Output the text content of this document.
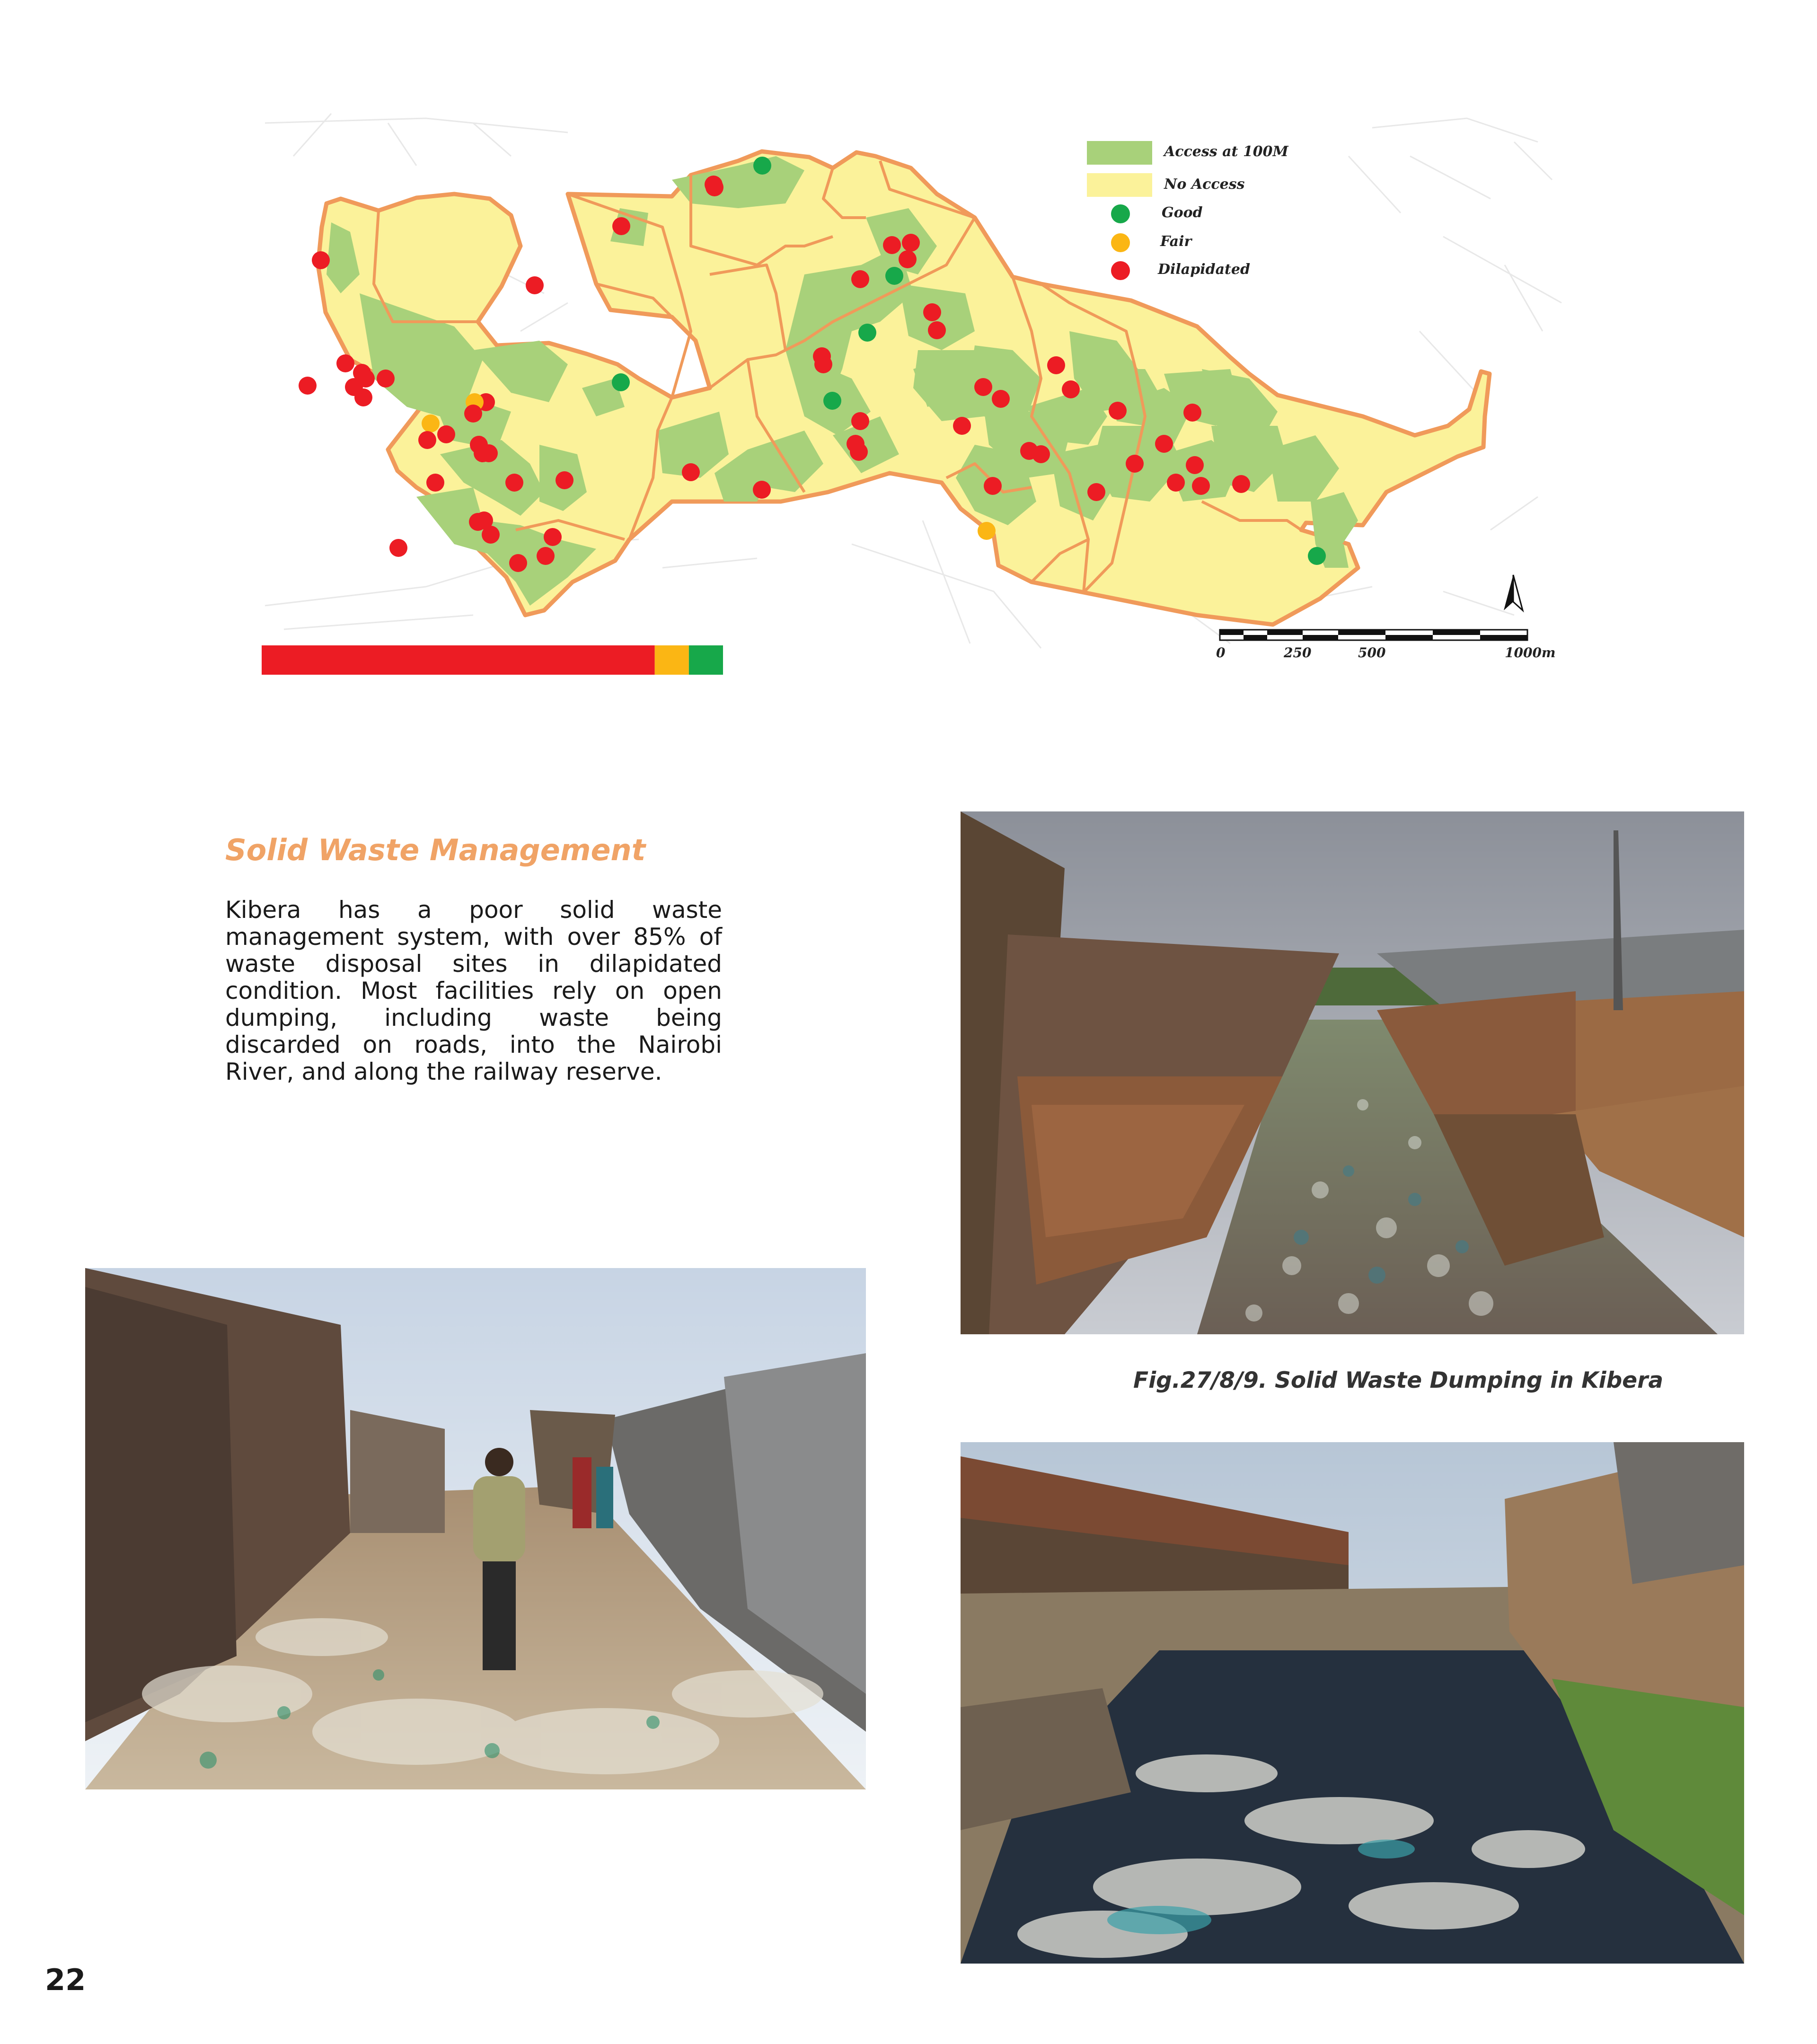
Access at 100M
No Access
Good
Fair
Dilapidated
0	250	500	1000m
Solid Waste Management
Kibera has a poor solid waste management system, with over 85% of waste disposal sites in dilapidated condition. Most facilities rely on open dumping, including waste being discarded on roads, into the Nairobi River, and along the railway reserve.
Fig.27/8/9. Solid Waste Dumping in Kibera
22
